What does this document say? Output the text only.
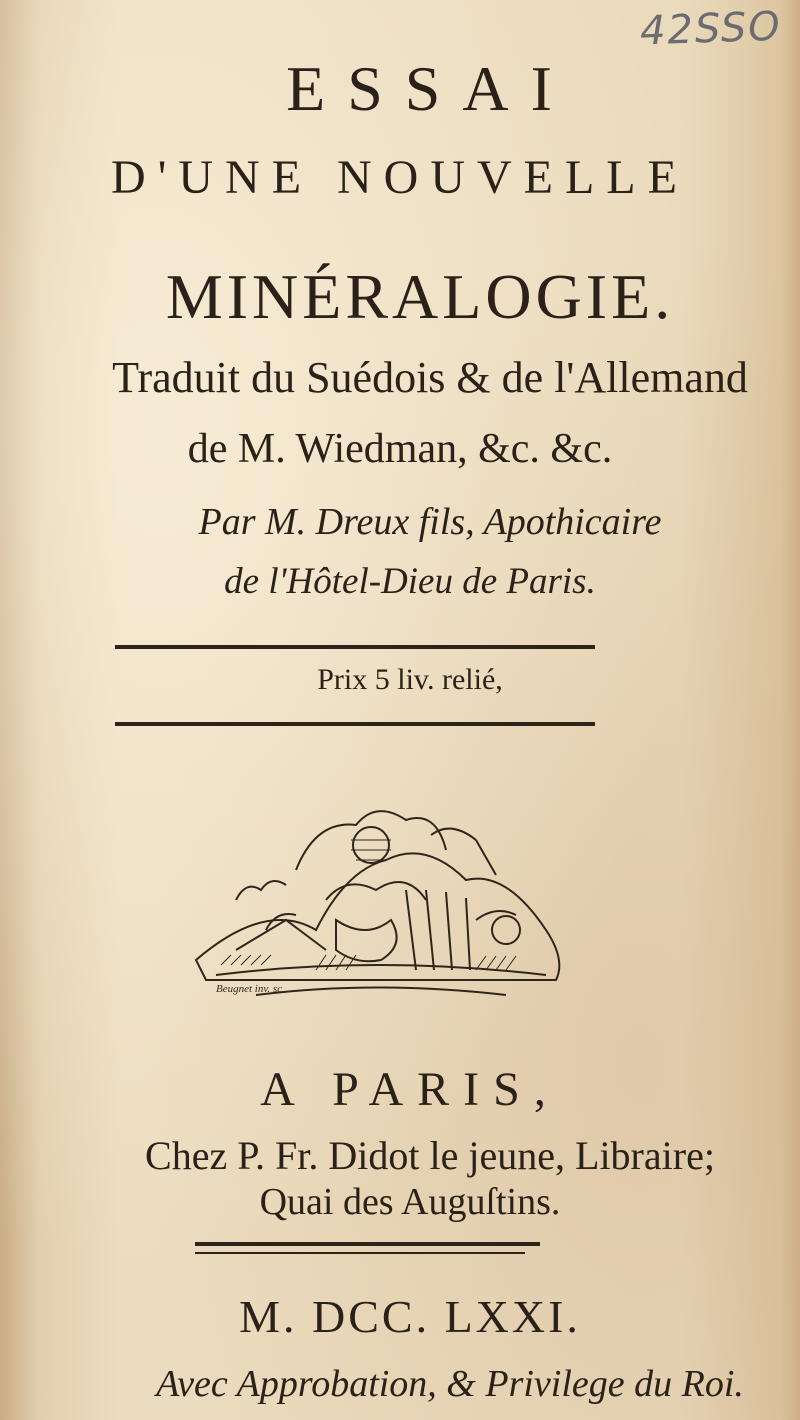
42SSO
ESSAI
D'UNE NOUVELLE
MINÉRALOGIE.
Traduit du Suédois & de l'Allemand
de M. Wiedman, &c. &c.
Par M. Dreux fils, Apothicaire
de l'Hôtel-Dieu de Paris.
Prix 5 liv. relié,
Beugnet inv. sc
A PARIS,
Chez P. Fr. Didot le jeune, Libraire;
Quai des Auguſtins.
M. DCC. LXXI.
Avec Approbation, & Privilege du Roi.
